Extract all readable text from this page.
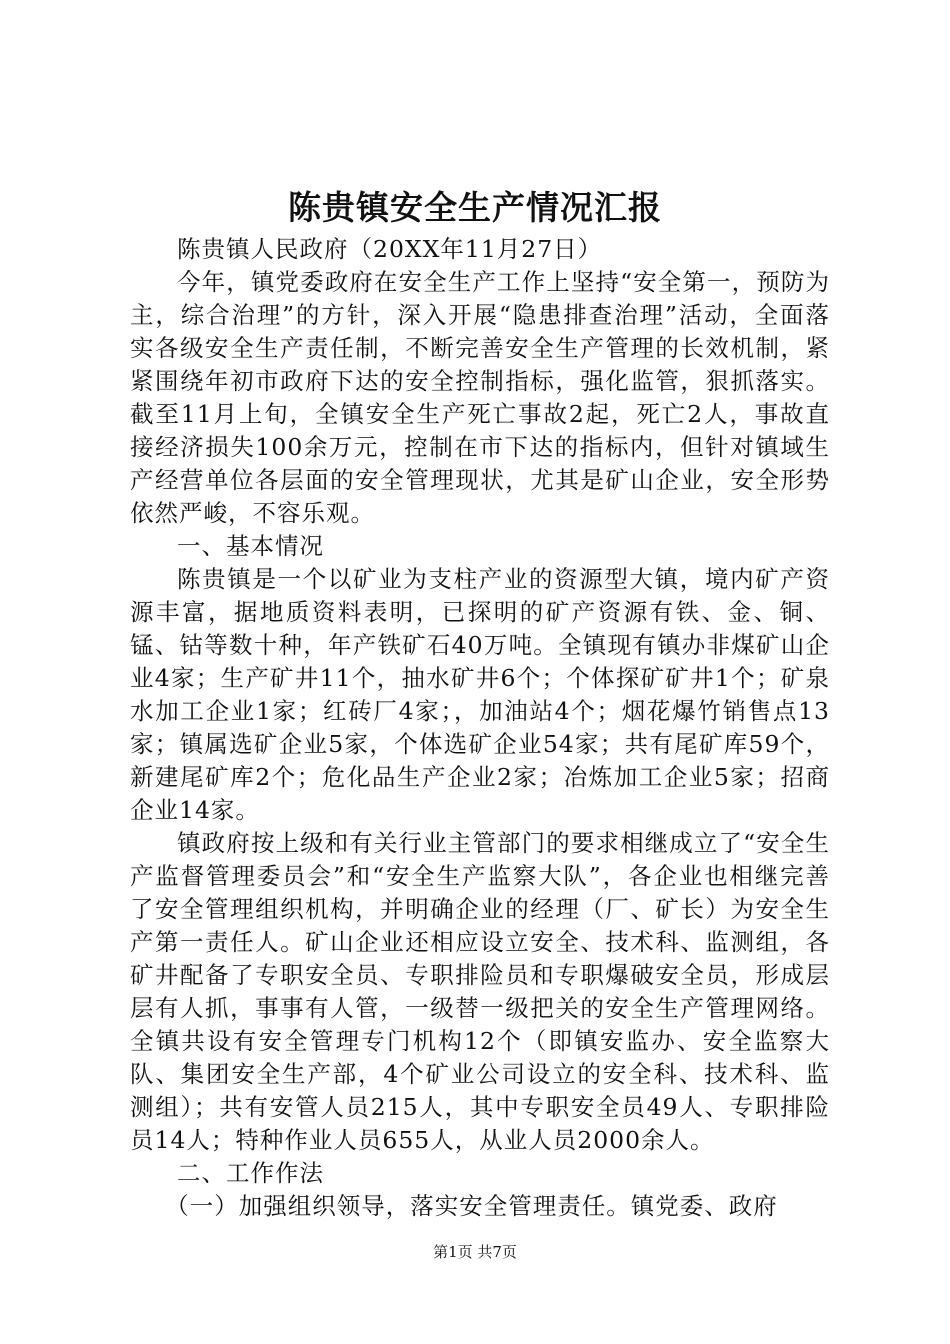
陈贵镇安全生产情况汇报

陈贵镇人民政府（20XX年11月27日）

今年，镇党委政府在安全生产工作上坚持“安全第一，预防为主，综合治理”的方针，深入开展“隐患排查治理”活动，全面落实各级安全生产责任制，不断完善安全生产管理的长效机制，紧紧围绕年初市政府下达的安全控制指标，强化监管，狠抓落实。截至11月上旬，全镇安全生产死亡事故2起，死亡2人，事故直接经济损失100余万元，控制在市下达的指标内，但针对镇域生产经营单位各层面的安全管理现状，尤其是矿山企业，安全形势依然严峻，不容乐观。

一、基本情况

陈贵镇是一个以矿业为支柱产业的资源型大镇，境内矿产资源丰富，据地质资料表明，已探明的矿产资源有铁、金、铜、锰、钴等数十种，年产铁矿石40万吨。全镇现有镇办非煤矿山企业4家；生产矿井11个，抽水矿井6个；个体探矿矿井1个；矿泉水加工企业1家；红砖厂4家；，加油站4个；烟花爆竹销售点13家；镇属选矿企业5家，个体选矿企业54家；共有尾矿库59个，新建尾矿库2个；危化品生产企业2家；冶炼加工企业5家；招商企业14家。

镇政府按上级和有关行业主管部门的要求相继成立了“安全生产监督管理委员会”和“安全生产监察大队”，各企业也相继完善了安全管理组织机构，并明确企业的经理（厂、矿长）为安全生产第一责任人。矿山企业还相应设立安全、技术科、监测组，各矿井配备了专职安全员、专职排险员和专职爆破安全员，形成层层有人抓，事事有人管，一级替一级把关的安全生产管理网络。全镇共设有安全管理专门机构12个（即镇安监办、安全监察大队、集团安全生产部，4个矿业公司设立的安全科、技术科、监测组）；共有安管人员215人，其中专职安全员49人、专职排险员14人；特种作业人员655人，从业人员2000余人。

二、工作作法

（一）加强组织领导，落实安全管理责任。镇党委、政府

第1页 共7页
